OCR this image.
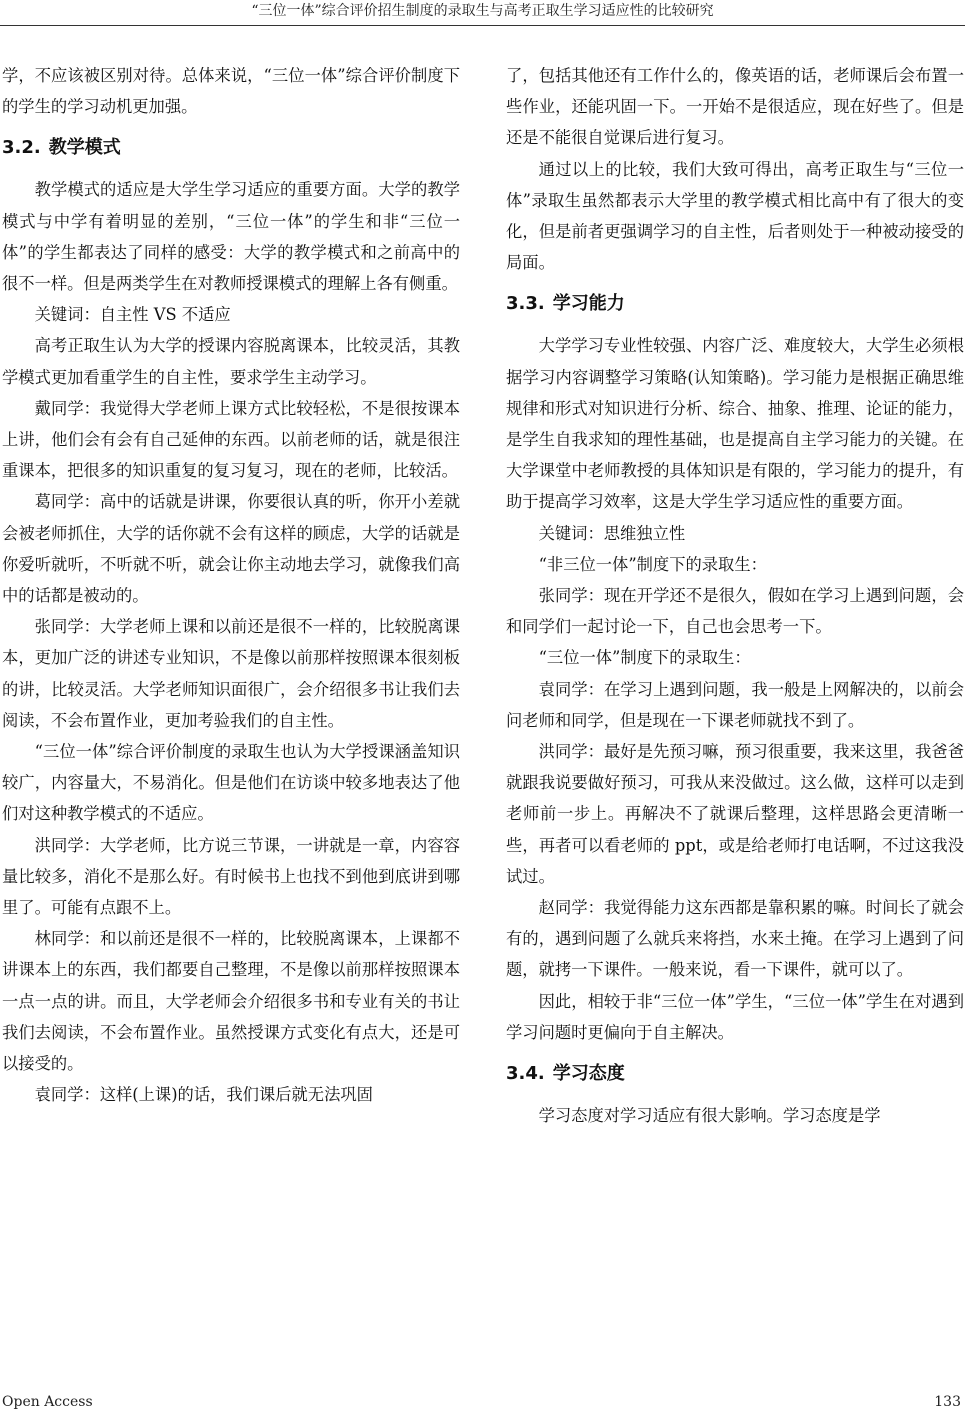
“三位一体”综合评价招生制度的录取生与高考正取生学习适应性的比较研究

学，不应该被区别对待。总体来说，“三位一体”综合评价制度下的学生的学习动机更加强。

3.2. 教学模式

教学模式的适应是大学生学习适应的重要方面。大学的教学模式与中学有着明显的差别，“三位一体”的学生和非“三位一体”的学生都表达了同样的感受：大学的教学模式和之前高中的很不一样。但是两类学生在对教师授课模式的理解上各有侧重。

关键词：自主性 VS 不适应

高考正取生认为大学的授课内容脱离课本，比较灵活，其教学模式更加看重学生的自主性，要求学生主动学习。

戴同学：我觉得大学老师上课方式比较轻松，不是很按课本上讲，他们会有会有自己延伸的东西。以前老师的话，就是很注重课本，把很多的知识重复的复习复习，现在的老师，比较活。

葛同学：高中的话就是讲课，你要很认真的听，你开小差就会被老师抓住，大学的话你就不会有这样的顾虑，大学的话就是你爱听就听，不听就不听，就会让你主动地去学习，就像我们高中的话都是被动的。

张同学：大学老师上课和以前还是很不一样的，比较脱离课本，更加广泛的讲述专业知识，不是像以前那样按照课本很刻板的讲，比较灵活。大学老师知识面很广，会介绍很多书让我们去阅读，不会布置作业，更加考验我们的自主性。

“三位一体”综合评价制度的录取生也认为大学授课涵盖知识较广，内容量大，不易消化。但是他们在访谈中较多地表达了他们对这种教学模式的不适应。

洪同学：大学老师，比方说三节课，一讲就是一章，内容容量比较多，消化不是那么好。有时候书上也找不到他到底讲到哪里了。可能有点跟不上。

林同学：和以前还是很不一样的，比较脱离课本，上课都不讲课本上的东西，我们都要自己整理，不是像以前那样按照课本一点一点的讲。而且，大学老师会介绍很多书和专业有关的书让我们去阅读，不会布置作业。虽然授课方式变化有点大，还是可以接受的。

袁同学：这样(上课)的话，我们课后就无法巩固

了，包括其他还有工作什么的，像英语的话，老师课后会布置一些作业，还能巩固一下。一开始不是很适应，现在好些了。但是还是不能很自觉课后进行复习。

通过以上的比较，我们大致可得出，高考正取生与“三位一体”录取生虽然都表示大学里的教学模式相比高中有了很大的变化，但是前者更强调学习的自主性，后者则处于一种被动接受的局面。

3.3. 学习能力

大学学习专业性较强、内容广泛、难度较大，大学生必须根据学习内容调整学习策略(认知策略)。学习能力是根据正确思维规律和形式对知识进行分析、综合、抽象、推理、论证的能力，是学生自我求知的理性基础，也是提高自主学习能力的关键。在大学课堂中老师教授的具体知识是有限的，学习能力的提升，有助于提高学习效率，这是大学生学习适应性的重要方面。

关键词：思维独立性

“非三位一体”制度下的录取生：

张同学：现在开学还不是很久，假如在学习上遇到问题，会和同学们一起讨论一下，自己也会思考一下。

“三位一体”制度下的录取生：

袁同学：在学习上遇到问题，我一般是上网解决的，以前会问老师和同学，但是现在一下课老师就找不到了。

洪同学：最好是先预习嘛，预习很重要，我来这里，我爸爸就跟我说要做好预习，可我从来没做过。这么做，这样可以走到老师前一步上。再解决不了就课后整理，这样思路会更清晰一些，再者可以看老师的 ppt，或是给老师打电话啊，不过这我没试过。

赵同学：我觉得能力这东西都是靠积累的嘛。时间长了就会有的，遇到问题了么就兵来将挡，水来土掩。在学习上遇到了问题，就拷一下课件。一般来说，看一下课件，就可以了。

因此，相较于非“三位一体”学生，“三位一体”学生在对遇到学习问题时更偏向于自主解决。

3.4. 学习态度

学习态度对学习适应有很大影响。学习态度是学

Open Access	133
